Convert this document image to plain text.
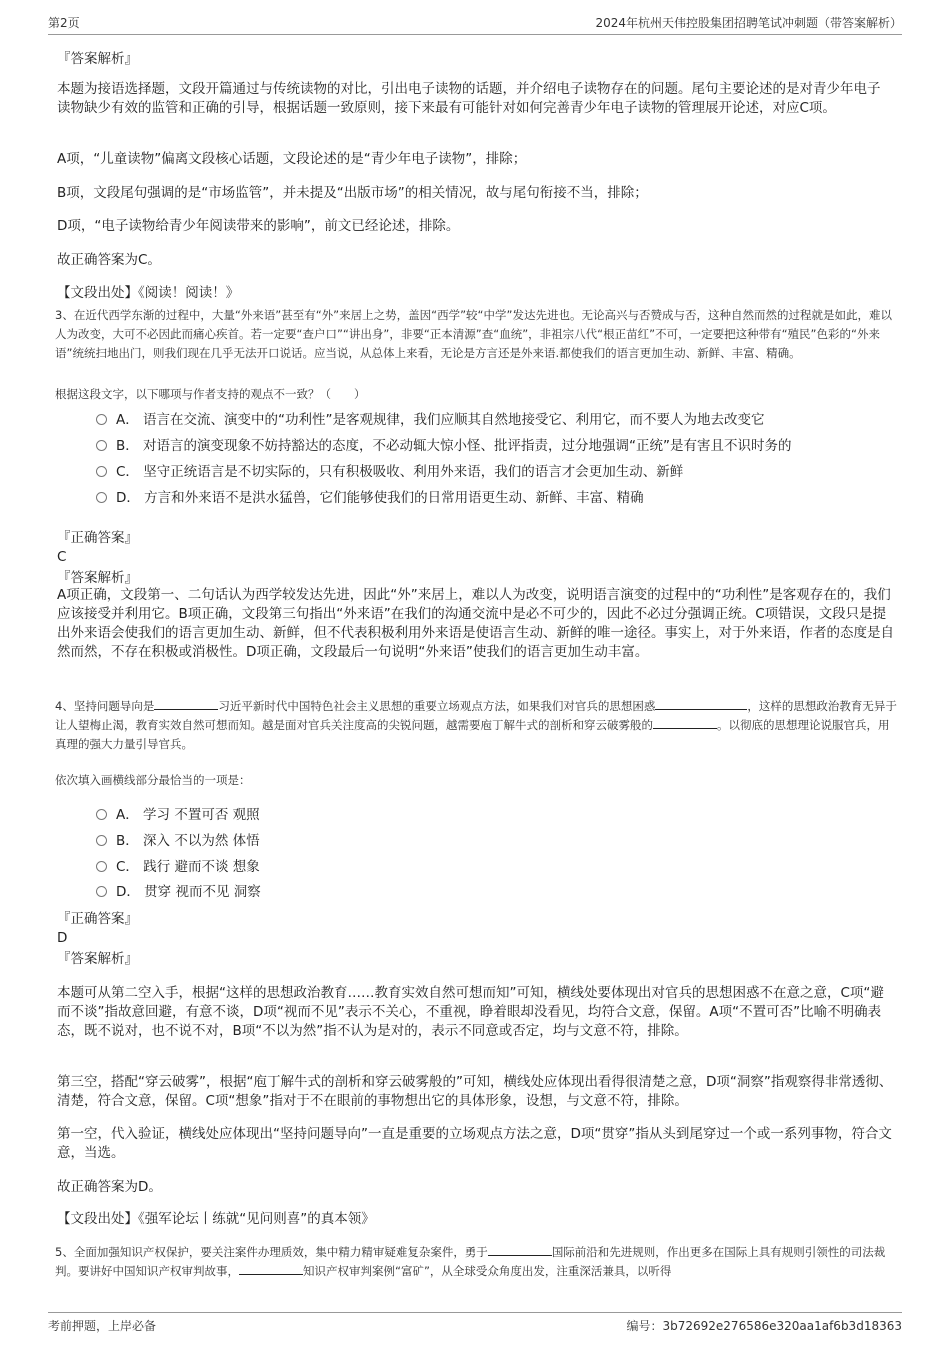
第2页	2024年杭州天伟控股集团招聘笔试冲刺题（带答案解析）
『答案解析』
本题为接语选择题，文段开篇通过与传统读物的对比，引出电子读物的话题，并介绍电子读物存在的问题。尾句主要论述的是对青少年电子读物缺少有效的监管和正确的引导，根据话题一致原则，接下来最有可能针对如何完善青少年电子读物的管理展开论述，对应C项。
A项，“儿童读物”偏离文段核心话题，文段论述的是“青少年电子读物”，排除；
B项，文段尾句强调的是“市场监管”，并未提及“出版市场”的相关情况，故与尾句衔接不当，排除；
D项，“电子读物给青少年阅读带来的影响”，前文已经论述，排除。
故正确答案为C。
【文段出处】《阅读！阅读！》
3、在近代西学东渐的过程中，大量“外来语”甚至有“外”来居上之势，盖因“西学”较“中学”发达先进也。无论高兴与否赞成与否，这种自然而然的过程就是如此，难以人为改变，大可不必因此而痛心疾首。若一定要“查户口”“讲出身”，非要“正本清源”查“血统”，非祖宗八代“根正苗红”不可，一定要把这种带有“殖民”色彩的“外来语”统统扫地出门，则我们现在几乎无法开口说话。应当说，从总体上来看，无论是方言还是外来语.都使我们的语言更加生动、新鲜、丰富、精确。
根据这段文字，以下哪项与作者支持的观点不一致？（　　）
A． 语言在交流、演变中的“功利性”是客观规律，我们应顺其自然地接受它、利用它，而不要人为地去改变它
B． 对语言的演变现象不妨持豁达的态度，不必动辄大惊小怪、批评指责，过分地强调“正统”是有害且不识时务的
C． 坚守正统语言是不切实际的，只有积极吸收、利用外来语，我们的语言才会更加生动、新鲜
D． 方言和外来语不是洪水猛兽，它们能够使我们的日常用语更生动、新鲜、丰富、精确
『正确答案』
C
『答案解析』
A项正确，文段第一、二句话认为西学较发达先进，因此“外”来居上，难以人为改变，说明语言演变的过程中的“功利性”是客观存在的，我们应该接受并利用它。B项正确，文段第三句指出“外来语”在我们的沟通交流中是必不可少的，因此不必过分强调正统。C项错误，文段只是提出外来语会使我们的语言更加生动、新鲜，但不代表积极利用外来语是使语言生动、新鲜的唯一途径。事实上，对于外来语，作者的态度是自然而然，不存在积极或消极性。D项正确，文段最后一句说明“外来语”使我们的语言更加生动丰富。
4、坚持问题导向是	习近平新时代中国特色社会主义思想的重要立场观点方法，如果我们对官兵的思想困惑	，这样的思想政治教育无异于让人望梅止渴，教育实效自然可想而知。越是面对官兵关注度高的尖锐问题，越需要庖丁解牛式的剖析和穿云破雾般的	。以彻底的思想理论说服官兵，用真理的强大力量引导官兵。
依次填入画横线部分最恰当的一项是：
A． 学习 不置可否 观照
B． 深入 不以为然 体悟
C． 践行 避而不谈 想象
D． 贯穿 视而不见 洞察
『正确答案』
D
『答案解析』
本题可从第二空入手，根据“这样的思想政治教育……教育实效自然可想而知”可知，横线处要体现出对官兵的思想困惑不在意之意，C项“避而不谈”指故意回避，有意不谈，D项“视而不见”表示不关心，不重视，睁着眼却没看见，均符合文意，保留。A项“不置可否”比喻不明确表态，既不说对，也不说不对，B项“不以为然”指不认为是对的，表示不同意或否定，均与文意不符，排除。
第三空，搭配“穿云破雾”，根据“庖丁解牛式的剖析和穿云破雾般的”可知，横线处应体现出看得很清楚之意，D项“洞察”指观察得非常透彻、清楚，符合文意，保留。C项“想象”指对于不在眼前的事物想出它的具体形象，设想，与文意不符，排除。
第一空，代入验证，横线处应体现出“坚持问题导向”一直是重要的立场观点方法之意，D项“贯穿”指从头到尾穿过一个或一系列事物，符合文意，当选。
故正确答案为D。
【文段出处】《强军论坛丨练就“见问则喜”的真本领》
5、全面加强知识产权保护，要关注案件办理质效，集中精力精审疑难复杂案件，勇于	国际前沿和先进规则，作出更多在国际上具有规则引领性的司法裁判。要讲好中国知识产权审判故事，	知识产权审判案例“富矿”，从全球受众角度出发，注重深活兼具，以听得
考前押题，上岸必备	编号：3b72692e276586e320aa1af6b3d18363
